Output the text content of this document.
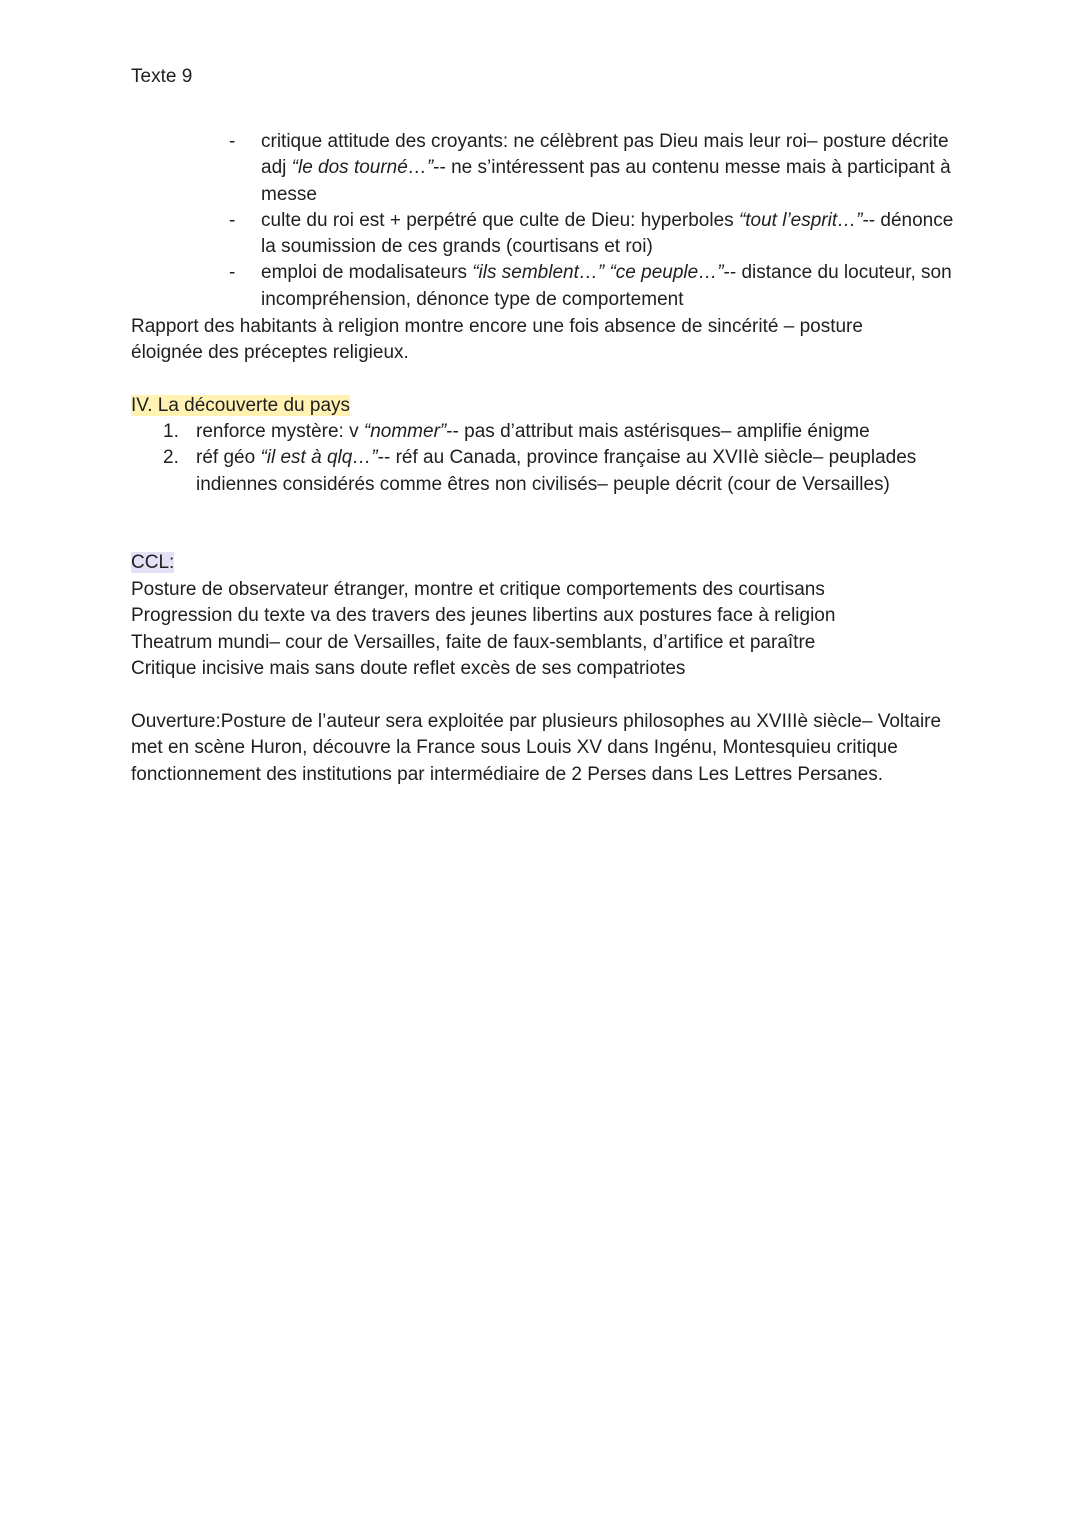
Texte 9

- critique attitude des croyants: ne célèbrent pas Dieu mais leur roi– posture décrite adj “le dos tourné…”-- ne s’intéressent pas au contenu messe mais à participant à messe
- culte du roi est + perpétré que culte de Dieu: hyperboles “tout l’esprit…”-- dénonce la soumission de ces grands (courtisans et roi)
- emploi de modalisateurs “ils semblent…” “ce peuple…”-- distance du locuteur, son incompréhension, dénonce type de comportement

Rapport des habitants à religion montre encore une fois absence de sincérité – posture éloignée des préceptes religieux.

IV. La découverte du pays

1. renforce mystère: v “nommer”-- pas d’attribut mais astérisques– amplifie énigme
2. réf géo “il est à qlq…”-- réf au Canada, province française au XVIIè siècle– peuplades indiennes considérés comme êtres non civilisés– peuple décrit (cour de Versailles)

CCL:

Posture de observateur étranger, montre et critique comportements des courtisans
Progression du texte va des travers des jeunes libertins aux postures face à religion
Theatrum mundi– cour de Versailles, faite de faux-semblants, d’artifice et paraître
Critique incisive mais sans doute reflet excès de ses compatriotes

Ouverture:Posture de l’auteur sera exploitée par plusieurs philosophes au XVIIIè siècle– Voltaire met en scène Huron, découvre la France sous Louis XV dans Ingénu, Montesquieu critique fonctionnement des institutions par intermédiaire de 2 Perses dans Les Lettres Persanes.
